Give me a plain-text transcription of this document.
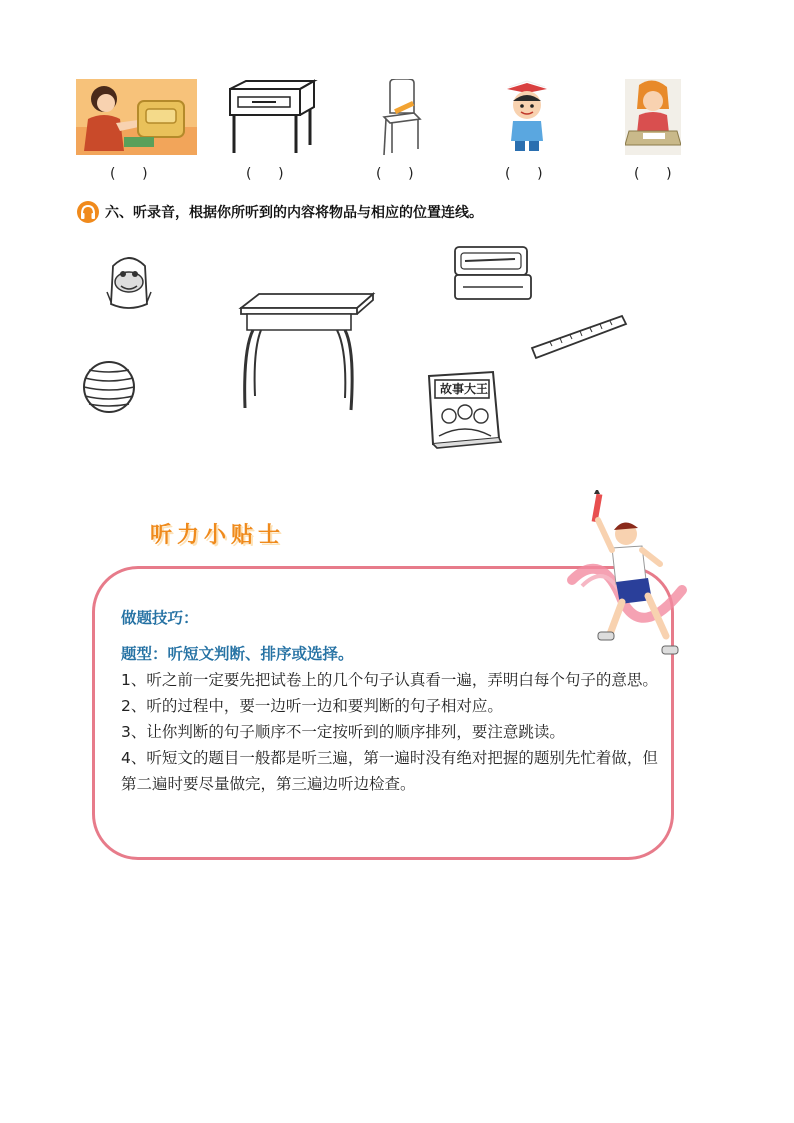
(      )	(      )	(      )	(      )	(      )
六、听录音，根据你所听到的内容将物品与相应的位置连线。
故事大王
听力小贴士

做题技巧：

题型：听短文判断、排序或选择。

1、听之前一定要先把试卷上的几个句子认真看一遍，弄明白每个句子的意思。

2、听的过程中，要一边听一边和要判断的句子相对应。

3、让你判断的句子顺序不一定按听到的顺序排列，要注意跳读。

4、听短文的题目一般都是听三遍，第一遍时没有绝对把握的题别先忙着做，但第二遍时要尽量做完，第三遍边听边检查。
